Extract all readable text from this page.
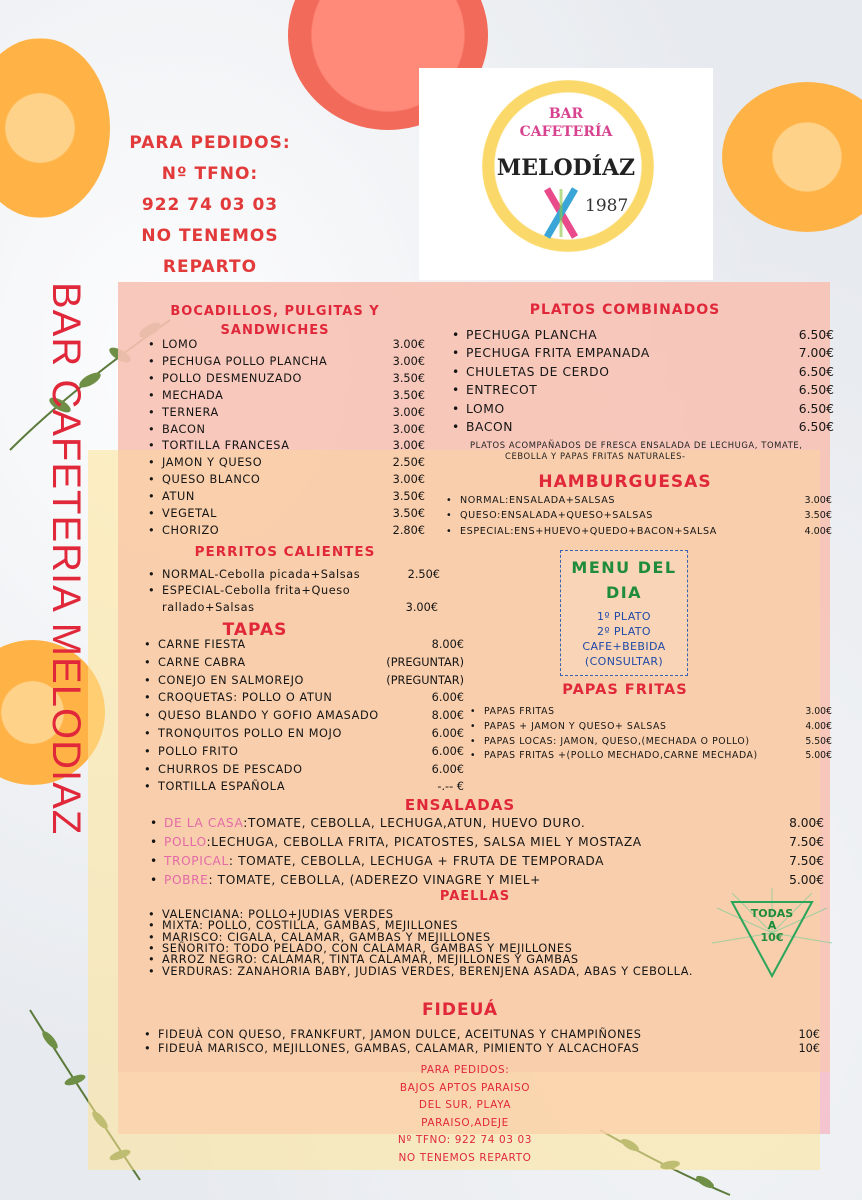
PARA PEDIDOS:
Nº TFNO:
922 74 03 03
NO TENEMOS
REPARTO
BAR
CAFETERÍA
MELODÍAZ
1987
BAR CAFETERIA MELODIAZ	BOCADILLOS, PULGITAS Y
SANDWICHES
• LOMO	3.00€
• PECHUGA POLLO PLANCHA	3.00€
• POLLO DESMENUZADO	3.50€
• MECHADA	3.50€
• TERNERA	3.00€
• BACON	3.00€
• TORTILLA FRANCESA	3.00€
• JAMON Y QUESO	2.50€
• QUESO BLANCO	3.00€
• ATUN	3.50€
• VEGETAL	3.50€
• CHORIZO	2.80€
PERRITOS CALIENTES
• NORMAL-Cebolla picada+Salsas	2.50€
• ESPECIAL-Cebolla frita+Queso
rallado+Salsas	3.00€
TAPAS
• CARNE FIESTA	8.00€
• CARNE CABRA	(PREGUNTAR)
• CONEJO EN SALMOREJO	(PREGUNTAR)
• CROQUETAS: POLLO O ATUN	6.00€
• QUESO BLANDO Y GOFIO AMASADO	8.00€
• TRONQUITOS POLLO EN MOJO	6.00€
• POLLO FRITO	6.00€
• CHURROS DE PESCADO	6.00€
• TORTILLA ESPAÑOLA	-.-- €
PLATOS COMBINADOS
• PECHUGA PLANCHA	6.50€
• PECHUGA FRITA EMPANADA	7.00€
• CHULETAS DE CERDO	6.50€
• ENTRECOT	6.50€
• LOMO	6.50€
• BACON	6.50€
PLATOS ACOMPAÑADOS DE FRESCA ENSALADA DE LECHUGA, TOMATE,
CEBOLLA Y PAPAS FRITAS NATURALES-
HAMBURGUESAS
• NORMAL:ENSALADA+SALSAS	3.00€
• QUESO:ENSALADA+QUESO+SALSAS	3.50€
• ESPECIAL:ENS+HUEVO+QUEDO+BACON+SALSA	4.00€
MENU DEL
DIA
1º PLATO
2º PLATO
CAFE+BEBIDA
(CONSULTAR)
PAPAS FRITAS
• PAPAS FRITAS	3.00€
• PAPAS + JAMON Y QUESO+ SALSAS	4.00€
• PAPAS LOCAS: JAMON, QUESO,(MECHADA O POLLO)	5.50€
• PAPAS FRITAS +(POLLO MECHADO,CARNE MECHADA)	5.00€
ENSALADAS
• DE LA CASA:TOMATE, CEBOLLA, LECHUGA,ATUN, HUEVO DURO.	8.00€
• POLLO:LECHUGA, CEBOLLA FRITA, PICATOSTES, SALSA MIEL Y MOSTAZA	7.50€
• TROPICAL: TOMATE, CEBOLLA, LECHUGA + FRUTA DE TEMPORADA	7.50€
• POBRE: TOMATE, CEBOLLA, (ADEREZO VINAGRE Y MIEL+	5.00€
PAELLAS
• VALENCIANA: POLLO+JUDIAS VERDES
• MIXTA: POLLO, COSTILLA, GAMBAS, MEJILLONES
• MARISCO: CIGALA, CALAMAR, GAMBAS Y MEJILLONES
• SEÑORITO: TODO PELADO, CON CALAMAR, GAMBAS Y MEJILLONES
• ARROZ NEGRO: CALAMAR, TINTA CALAMAR, MEJILLONES Y GAMBAS
• VERDURAS: ZANAHORIA BABY, JUDIAS VERDES, BERENJENA ASADA, ABAS Y CEBOLLA.
TODAS
A
10€
FIDEUÁ
• FIDEUÀ CON QUESO, FRANKFURT, JAMON DULCE, ACEITUNAS Y CHAMPIÑONES	10€
• FIDEUÀ MARISCO, MEJILLONES, GAMBAS, CALAMAR, PIMIENTO Y ALCACHOFAS	10€
PARA PEDIDOS:
BAJOS APTOS PARAISO
DEL SUR, PLAYA
PARAISO,ADEJE
Nº TFNO: 922 74 03 03
NO TENEMOS REPARTO
